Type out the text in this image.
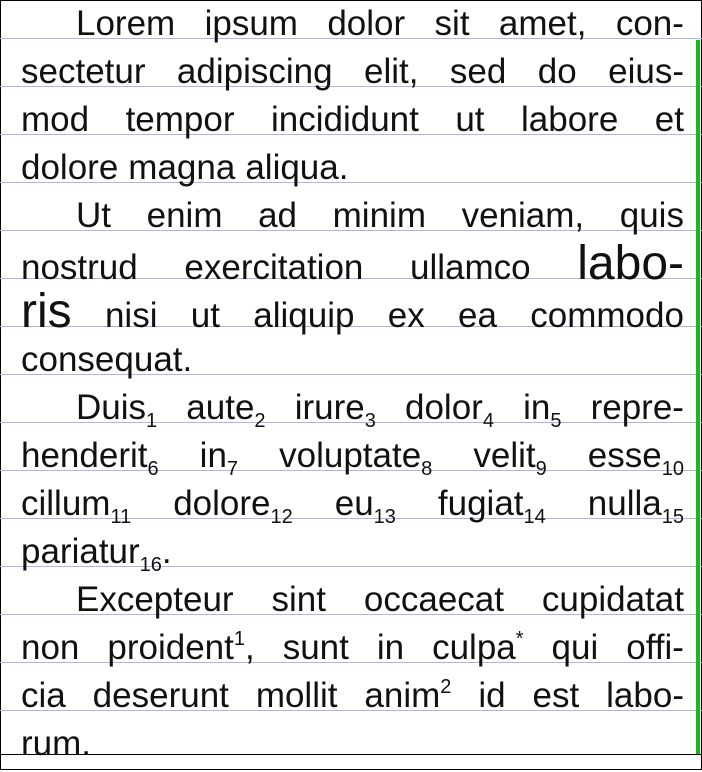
Lorem ipsum dolor sit amet, con-
sectetur adipiscing elit, sed do eius-
mod tempor incididunt ut labore et
dolore magna aliqua.
Ut enim ad minim veniam, quis
nostrud exercitation ullamco labo-
ris nisi ut aliquip ex ea commodo
consequat.
Duis$_1$ aute$_2$ irure$_3$ dolor$_4$ $in_5$ repre-
henderit$_6$ $in_7$ voluptate$_8$ velit$_9$ esse$_{10}$
cillum$_{11}$ dolore$_{12}$ $eu_{13}$ fugiat$_{14}$ nulla$_{15}$
pariatur$_{16}$.
Excepteur sint occaecat cupidatat
non proident$^1$, sunt in culpa* qui offi-
cia deserunt mollit anim$^2$ id est labo-
rum.
